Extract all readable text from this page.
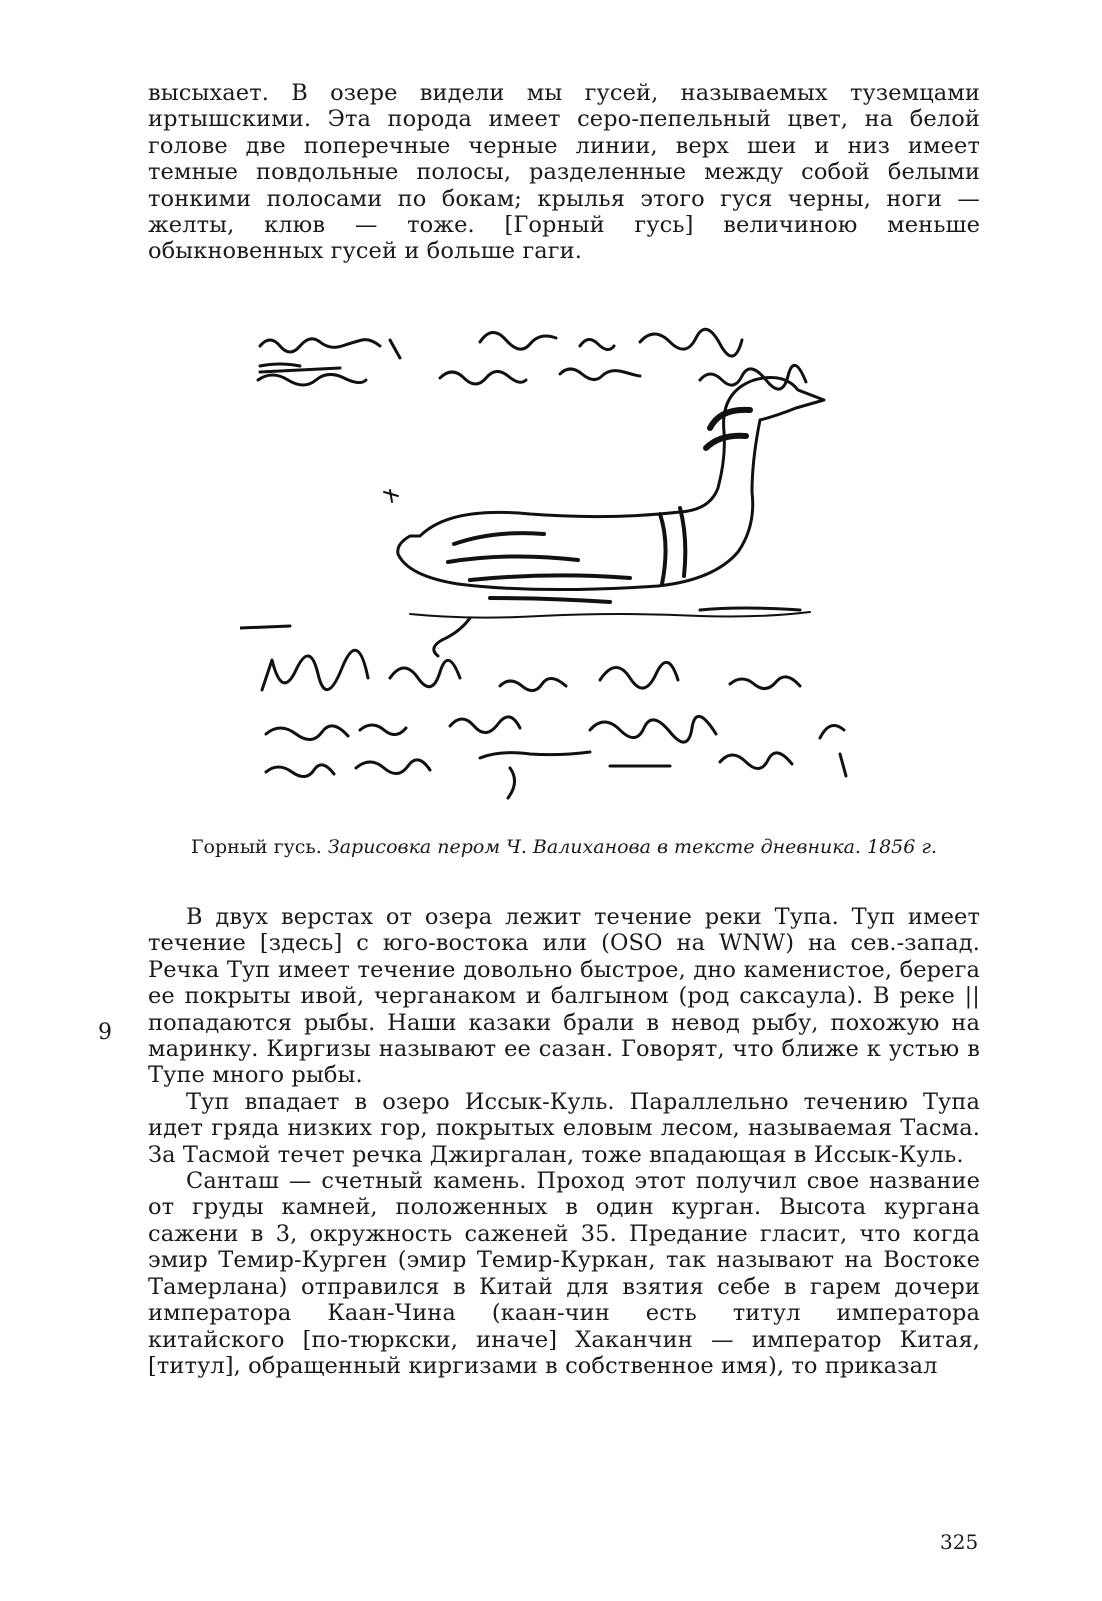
высыхает. В озере видели мы гусей, называемых туземцами иртышскими. Эта порода имеет серо-пепельный цвет, на белой голове две поперечные черные линии, верх шеи и низ имеет темные повдольные полосы, разделенные между собой белыми тонкими полосами по бокам; крылья этого гуся черны, ноги — желты, клюв — тоже. [Горный гусь] величиною меньше обыкновенных гусей и больше гаги.

Горный гусь. Зарисовка пером Ч. Валиханова в тексте дневника. 1856 г.

В двух верстах от озера лежит течение реки Тупа. Туп имеет течение [здесь] с юго-востока или (OSO на WNW) на сев.-запад. Речка Туп имеет течение довольно быстрое, дно каменистое, берега ее покрыты ивой, черганаком и балгыном (род саксаула). В реке || попадаются рыбы. Наши казаки брали в невод рыбу, похожую на маринку. Киргизы называют ее сазан. Говорят, что ближе к устью в Тупе много рыбы.

Туп впадает в озеро Иссык-Куль. Параллельно течению Тупа идет гряда низких гор, покрытых еловым лесом, называемая Тасма. За Тасмой течет речка Джиргалан, тоже впадающая в Иссык-Куль.

Санташ — счетный камень. Проход этот получил свое название от груды камней, положенных в один курган. Высота кургана сажени в 3, окружность саженей 35. Предание гласит, что когда эмир Темир-Курген (эмир Темир-Куркан, так называют на Востоке Тамерлана) отправился в Китай для взятия себе в гарем дочери императора Каан-Чина (каан-чин есть титул императора китайского [по-тюркски, иначе] Хаканчин — император Китая, [титул], обращенный киргизами в собственное имя), то приказал

9
325
